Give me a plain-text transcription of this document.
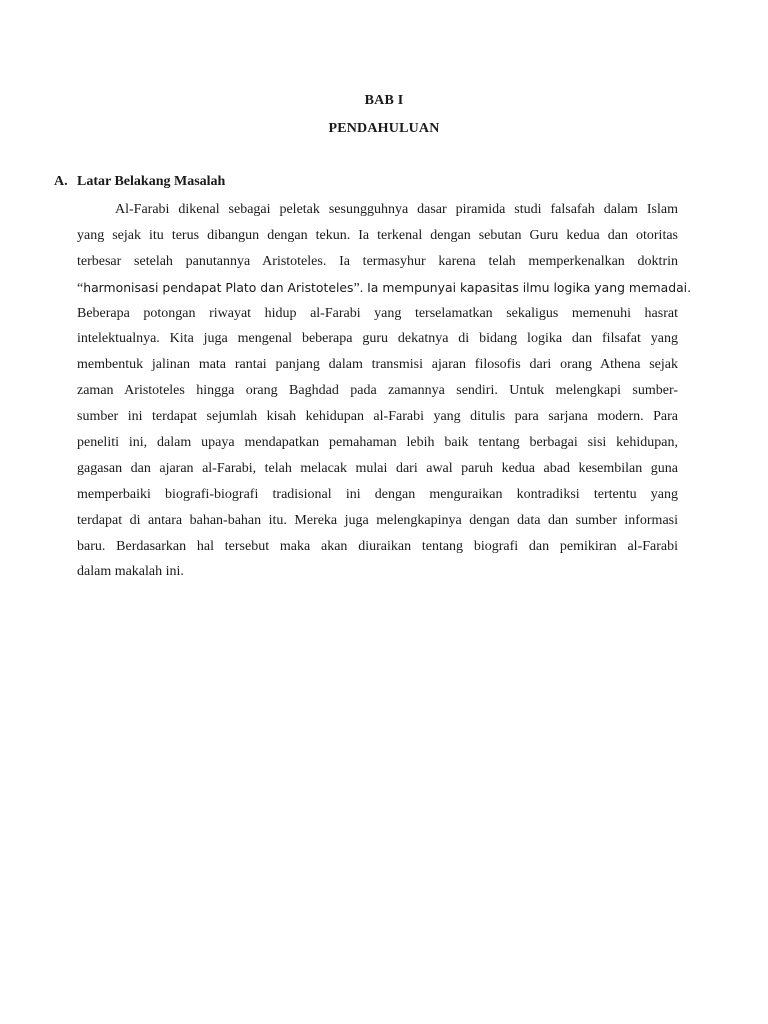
BAB I
PENDAHULUAN
A. Latar Belakang Masalah
Al-Farabi dikenal sebagai peletak sesungguhnya dasar piramida studi falsafah dalam Islam
yang sejak itu terus dibangun dengan tekun. Ia terkenal dengan sebutan Guru kedua dan otoritas
terbesar setelah panutannya Aristoteles. Ia termasyhur karena telah memperkenalkan doktrin
“harmonisasi pendapat Plato dan Aristoteles”. Ia mempunyai kapasitas ilmu logika yang memadai.
Beberapa potongan riwayat hidup al-Farabi yang terselamatkan sekaligus memenuhi hasrat
intelektualnya. Kita juga mengenal beberapa guru dekatnya di bidang logika dan filsafat yang
membentuk jalinan mata rantai panjang dalam transmisi ajaran filosofis dari orang Athena sejak
zaman Aristoteles hingga orang Baghdad pada zamannya sendiri. Untuk melengkapi sumber-
sumber ini terdapat sejumlah kisah kehidupan al-Farabi yang ditulis para sarjana modern. Para
peneliti ini, dalam upaya mendapatkan pemahaman lebih baik tentang berbagai sisi kehidupan,
gagasan dan ajaran al-Farabi, telah melacak mulai dari awal paruh kedua abad kesembilan guna
memperbaiki biografi-biografi tradisional ini dengan menguraikan kontradiksi tertentu yang
terdapat di antara bahan-bahan itu. Mereka juga melengkapinya dengan data dan sumber informasi
baru. Berdasarkan hal tersebut maka akan diuraikan tentang biografi dan pemikiran al-Farabi
dalam makalah ini.
